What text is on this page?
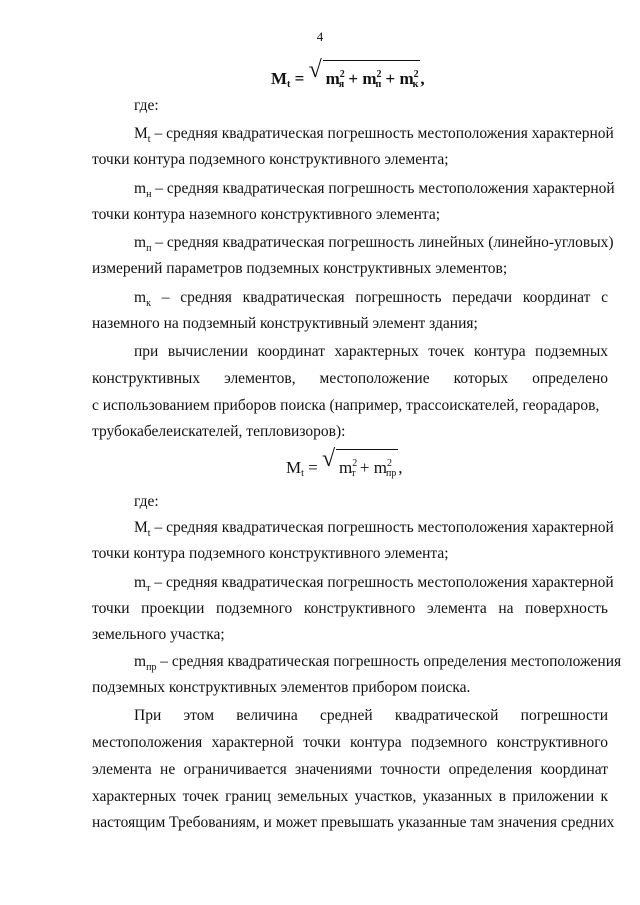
4
$M_t$ = √ $m^2_я + m^2_п + m^2_к$ ,
где:
$M_t$ – средняя квадратическая погрешность местоположения характерной
точки контура подземного конструктивного элемента;
$m_н$ – средняя квадратическая погрешность местоположения характерной
точки контура наземного конструктивного элемента;
$m_п$ – средняя квадратическая погрешность линейных (линейно-угловых)
измерений параметров подземных конструктивных элементов;
$m_к$ – средняя квадратическая погрешность передачи координат с
наземного на подземный конструктивный элемент здания;
при вычислении координат характерных точек контура подземных
конструктивных элементов, местоположение которых определено
с использованием приборов поиска (например, трассоискателей, георадаров,
трубокабелеискателей, тепловизоров):
$M_t$ = √ $m^2_т + m^2_{пр}$ ,
где:
$M_t$ – средняя квадратическая погрешность местоположения характерной
точки контура подземного конструктивного элемента;
$m_т$ – средняя квадратическая погрешность местоположения характерной
точки проекции подземного конструктивного элемента на поверхность
земельного участка;
$m_{пр}$ – средняя квадратическая погрешность определения местоположения
подземных конструктивных элементов прибором поиска.
При этом величина средней квадратической погрешности
местоположения характерной точки контура подземного конструктивного
элемента не ограничивается значениями точности определения координат
характерных точек границ земельных участков, указанных в приложении к
настоящим Требованиям, и может превышать указанные там значения средних
